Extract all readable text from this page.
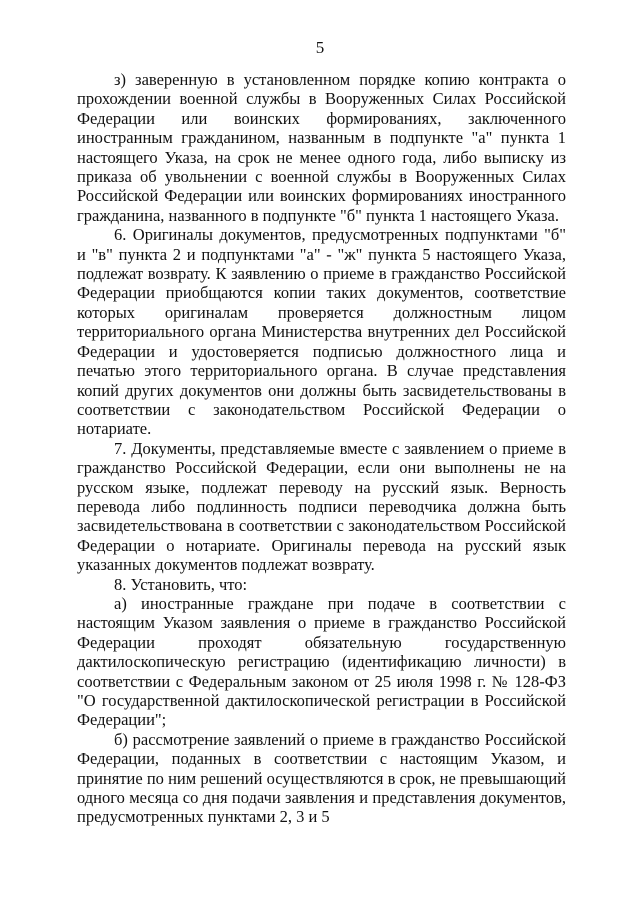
5

з) заверенную в установленном порядке копию контракта о прохождении военной службы в Вооруженных Силах Российской Федерации или воинских формированиях, заключенного иностранным гражданином, названным в подпункте "а" пункта 1 настоящего Указа, на срок не менее одного года, либо выписку из приказа об увольнении с военной службы в Вооруженных Силах Российской Федерации или воинских формированиях иностранного гражданина, названного в подпункте "б" пункта 1 настоящего Указа.

6. Оригиналы документов, предусмотренных подпунктами "б" и "в" пункта 2 и подпунктами "а" - "ж" пункта 5 настоящего Указа, подлежат возврату. К заявлению о приеме в гражданство Российской Федерации приобщаются копии таких документов, соответствие которых оригиналам проверяется должностным лицом территориального органа Министерства внутренних дел Российской Федерации и удостоверяется подписью должностного лица и печатью этого территориального органа. В случае представления копий других документов они должны быть засвидетельствованы в соответствии с законодательством Российской Федерации о нотариате.

7. Документы, представляемые вместе с заявлением о приеме в гражданство Российской Федерации, если они выполнены не на русском языке, подлежат переводу на русский язык. Верность перевода либо подлинность подписи переводчика должна быть засвидетельствована в соответствии с законодательством Российской Федерации о нотариате. Оригиналы перевода на русский язык указанных документов подлежат возврату.

8. Установить, что:

а) иностранные граждане при подаче в соответствии с настоящим Указом заявления о приеме в гражданство Российской Федерации проходят обязательную государственную дактилоскопическую регистрацию (идентификацию личности) в соответствии с Федеральным законом от 25 июля 1998 г. № 128-ФЗ "О государственной дактилоскопической регистрации в Российской Федерации";

б) рассмотрение заявлений о приеме в гражданство Российской Федерации, поданных в соответствии с настоящим Указом, и принятие по ним решений осуществляются в срок, не превышающий одного месяца со дня подачи заявления и представления документов, предусмотренных пунктами 2, 3 и 5
